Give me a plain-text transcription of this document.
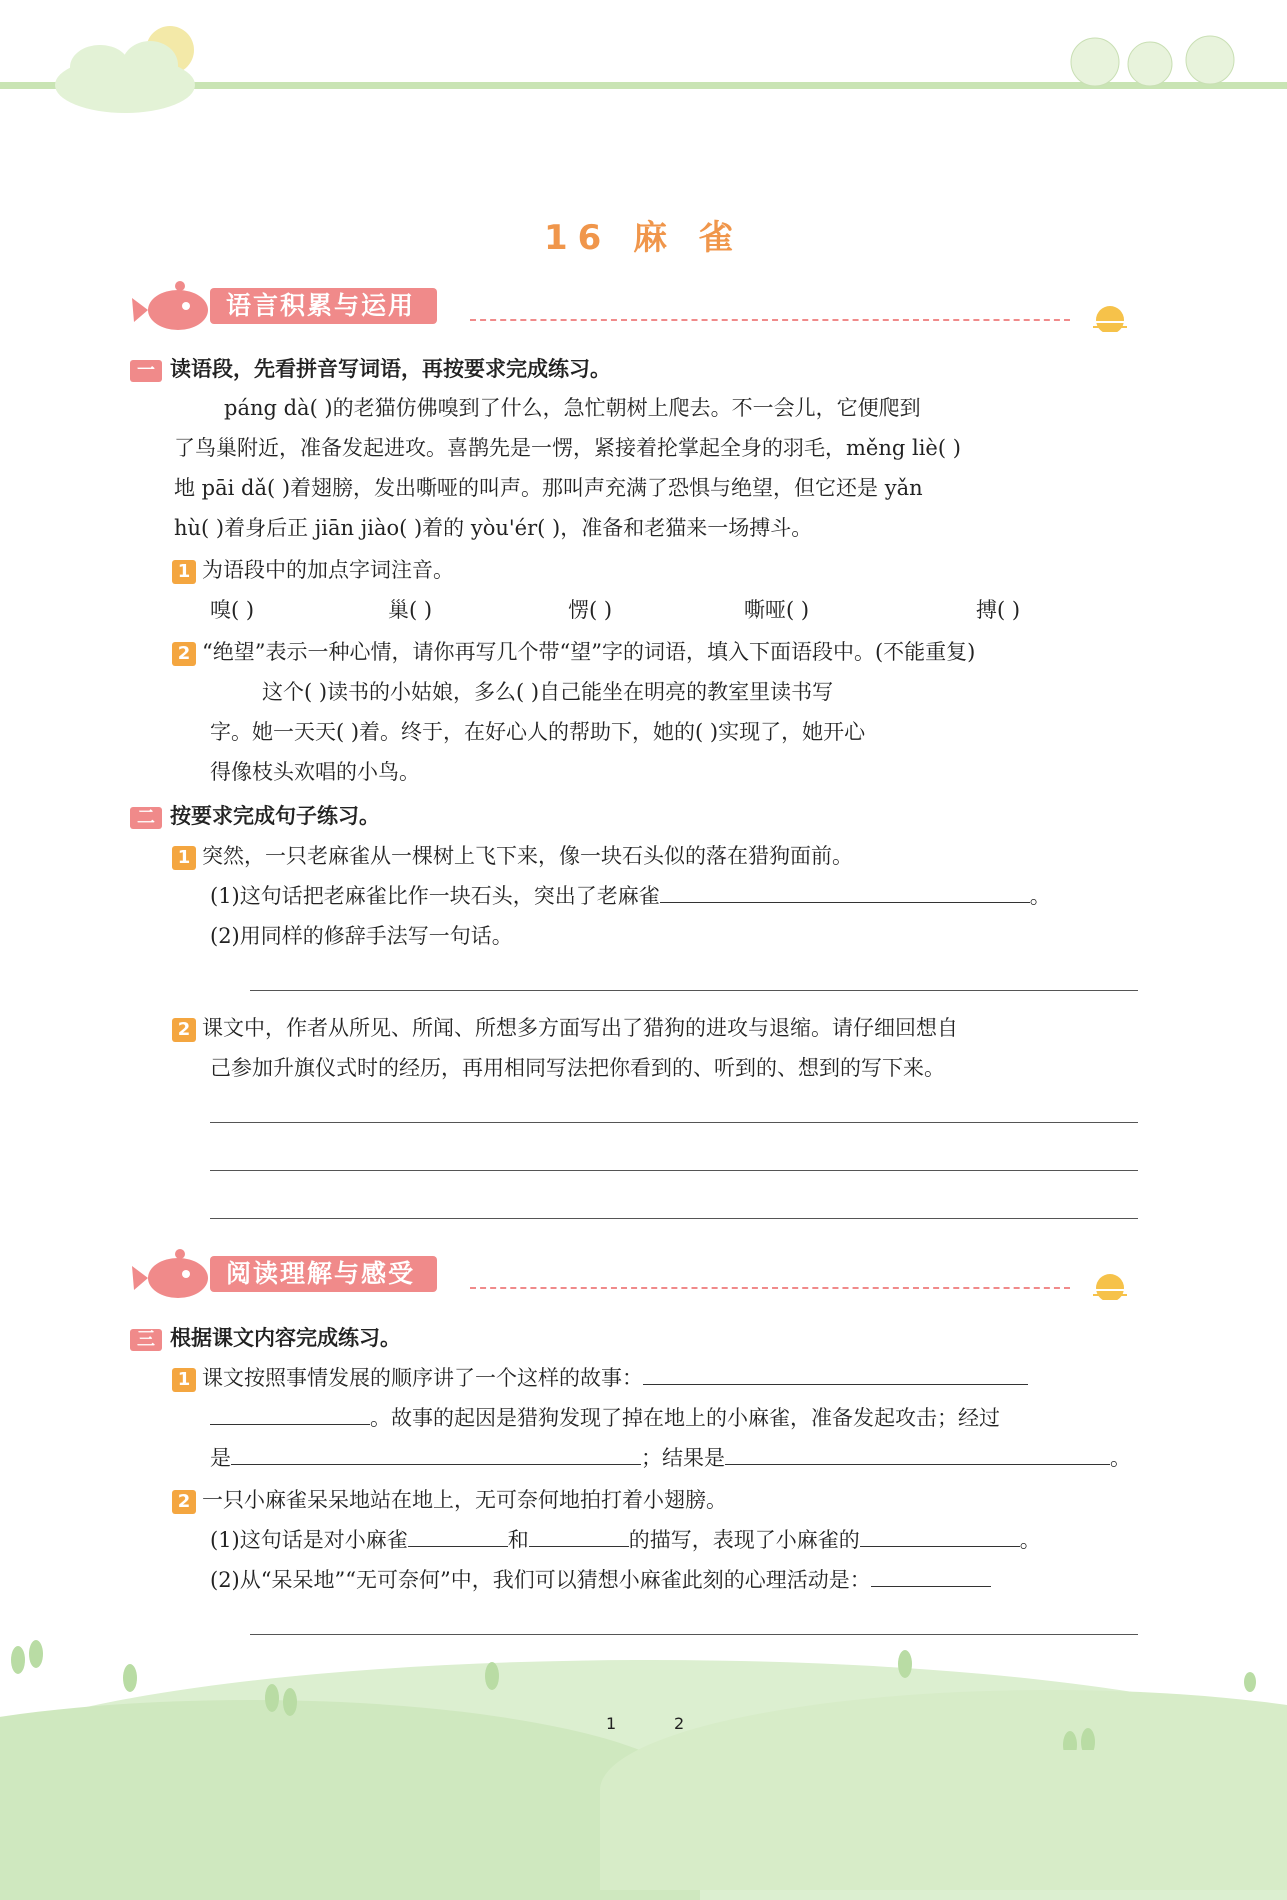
16 麻 雀
语言积累与运用
一 读语段，先看拼音写词语，再按要求完成练习。
páng dà( )的老猫仿佛嗅到了什么，急忙朝树上爬去。不一会儿，它便爬到
了鸟巢附近，准备发起进攻。喜鹊先是一愣，紧接着抡掌起全身的羽毛，měng liè( )
地 pāi dǎ( )着翅膀，发出嘶哑的叫声。那叫声充满了恐惧与绝望，但它还是 yǎn
hù( )着身后正 jiān jiào( )着的 yòu'ér( )，准备和老猫来一场搏斗。
1 为语段中的加点字词注音。
嗅( )	巢( )	愣( )	嘶哑( )	搏( )
2 “绝望”表示一种心情，请你再写几个带“望”字的词语，填入下面语段中。(不能重复)
这个( )读书的小姑娘，多么( )自己能坐在明亮的教室里读书写
字。她一天天( )着。终于，在好心人的帮助下，她的( )实现了，她开心
得像枝头欢唱的小鸟。
二 按要求完成句子练习。
1 突然，一只老麻雀从一棵树上飞下来，像一块石头似的落在猎狗面前。
(1)这句话把老麻雀比作一块石头，突出了老麻雀	。
(2)用同样的修辞手法写一句话。
2 课文中，作者从所见、所闻、所想多方面写出了猎狗的进攻与退缩。请仔细回想自
己参加升旗仪式时的经历，再用相同写法把你看到的、听到的、想到的写下来。
阅读理解与感受
三 根据课文内容完成练习。
1 课文按照事情发展的顺序讲了一个这样的故事：
。故事的起因是猎狗发现了掉在地上的小麻雀，准备发起攻击；经过
是	；结果是	。
2 一只小麻雀呆呆地站在地上，无可奈何地拍打着小翅膀。
(1)这句话是对小麻雀	和	的描写，表现了小麻雀的	。
(2)从“呆呆地”“无可奈何”中，我们可以猜想小麻雀此刻的心理活动是：
1	2
